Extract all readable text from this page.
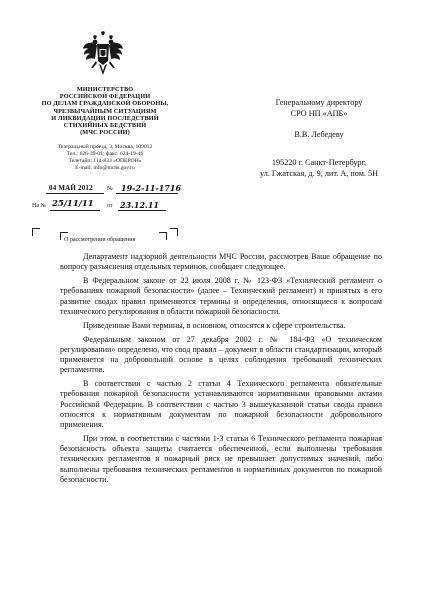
МИНИСТЕРСТВО
РОССИЙСКОЙ ФЕДЕРАЦИИ
ПО ДЕЛАМ ГРАЖДАНСКОЙ ОБОРОНЫ,
ЧРЕЗВЫЧАЙНЫМ СИТУАЦИЯМ
И ЛИКВИДАЦИИ ПОСЛЕДСТВИЙ
СТИХИЙНЫХ БЕДСТВИЙ
(МЧС РОССИИ)
Театральный проезд, 3, Москва, 109012
Тел.: 626-39-01; факс: 624-19-46
Телетайп: 114-833 «ОПЕРОН»
E-mail: info@mchs.gov.ru
04 МАЙ 2012 № 19-2-11-1716
На № 25/11/11 от 23.12.11
Генеральному директору
СРО НП «АПБ»
В.В. Лебедеву
195220 г. Санкт-Петербург,
ул. Гжатская, д. 9, лит. А, пом. 5Н
О рассмотрении обращения

Департамент надзорной деятельности МЧС России, рассмотрев Ваше обращение по вопросу разъяснения отдельных терминов, сообщает следующее.

В Федеральном законе от 22 июля 2008 г. № 123-ФЗ «Технический регламент о требованиях пожарной безопасности» (далее – Технический регламент) и принятых в его развитие сводах правил применяются термины и определения, относящиеся к вопросам технического регулирования в области пожарной безопасности.

Приведенные Вами термины, в основном, относятся к сфере строительства.

Федеральным законом от 27 декабря 2002 г. № 184-ФЗ «О техническом регулировании» определено, что свод правил – документ в области стандартизации, который применяется на добровольной основе в целях соблюдения требований технических регламентов.

В соответствии с частью 2 статьи 4 Технического регламента обязательные требования пожарной безопасности устанавливаются нормативными правовыми актами Российской Федерации. В соответствии с частью 3 вышеуказанной статьи своды правил относятся к нормативным документам по пожарной безопасности добровольного применения.

При этом, в соответствии с частями 1-3 статьи 6 Технического регламента пожарная безопасность объекта защиты считается обеспеченной, если выполнены требования технических регламентов и пожарный риск не превышает допустимых значений, либо выполнены требования технических регламентов и нормативных документов по пожарной безопасности.
